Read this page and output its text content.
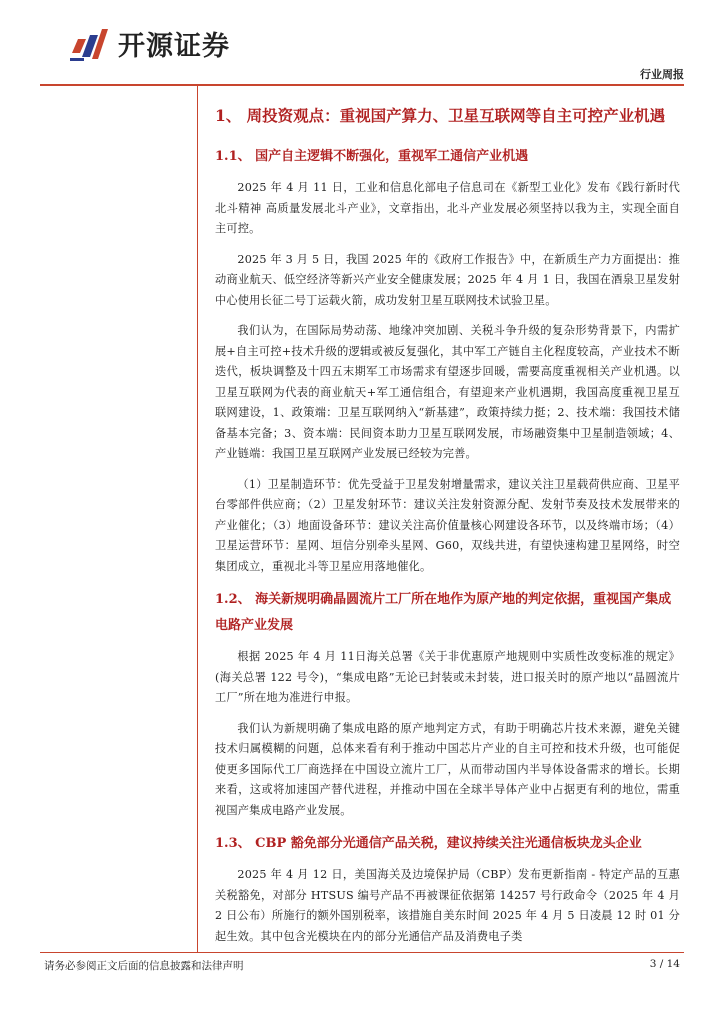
开源证券
行业周报
1、 周投资观点：重视国产算力、卫星互联网等自主可控产业机遇
1.1、 国产自主逻辑不断强化，重视军工通信产业机遇

2025 年 4 月 11 日，工业和信息化部电子信息司在《新型工业化》发布《践行新时代北斗精神 高质量发展北斗产业》，文章指出，北斗产业发展必须坚持以我为主，实现全面自主可控。

2025 年 3 月 5 日，我国 2025 年的《政府工作报告》中，在新质生产力方面提出：推动商业航天、低空经济等新兴产业安全健康发展；2025 年 4 月 1 日，我国在酒泉卫星发射中心使用长征二号丁运载火箭，成功发射卫星互联网技术试验卫星。

我们认为，在国际局势动荡、地缘冲突加剧、关税斗争升级的复杂形势背景下，内需扩展+自主可控+技术升级的逻辑或被反复强化，其中军工产链自主化程度较高，产业技术不断迭代，板块调整及十四五末期军工市场需求有望逐步回暖，需要高度重视相关产业机遇。以卫星互联网为代表的商业航天+军工通信组合，有望迎来产业机遇期，我国高度重视卫星互联网建设，1、政策端：卫星互联网纳入“新基建”，政策持续力挺；2、技术端：我国技术储备基本完备；3、资本端：民间资本助力卫星互联网发展，市场融资集中卫星制造领域；4、产业链端：我国卫星互联网产业发展已经较为完善。

（1）卫星制造环节：优先受益于卫星发射增量需求，建议关注卫星载荷供应商、卫星平台零部件供应商；（2）卫星发射环节：建议关注发射资源分配、发射节奏及技术发展带来的产业催化；（3）地面设备环节：建议关注高价值量核心网建设各环节，以及终端市场；（4）卫星运营环节：星网、垣信分别牵头星网、G60，双线共进，有望快速构建卫星网络，时空集团成立，重视北斗等卫星应用落地催化。

1.2、 海关新规明确晶圆流片工厂所在地作为原产地的判定依据，重视国产集成电路产业发展

根据 2025 年 4 月 11日海关总署《关于非优惠原产地规则中实质性改变标准的规定》(海关总署 122 号令)，“集成电路”无论已封装或未封装，进口报关时的原产地以“晶圆流片工厂”所在地为准进行申报。

我们认为新规明确了集成电路的原产地判定方式，有助于明确芯片技术来源，避免关键技术归属模糊的问题，总体来看有利于推动中国芯片产业的自主可控和技术升级，也可能促使更多国际代工厂商选择在中国设立流片工厂，从而带动国内半导体设备需求的增长。长期来看，这或将加速国产替代进程，并推动中国在全球半导体产业中占据更有利的地位，需重视国产集成电路产业发展。

1.3、 CBP 豁免部分光通信产品关税，建议持续关注光通信板块龙头企业

2025 年 4 月 12 日，美国海关及边境保护局（CBP）发布更新指南 - 特定产品的互惠关税豁免，对部分 HTSUS 编号产品不再被课征依据第 14257 号行政命令（2025 年 4 月 2 日公布）所施行的额外国别税率，该措施自美东时间 2025 年 4 月 5 日凌晨 12 时 01 分起生效。其中包含光模块在内的部分光通信产品及消费电子类

请务必参阅正文后面的信息披露和法律声明	3 / 14
